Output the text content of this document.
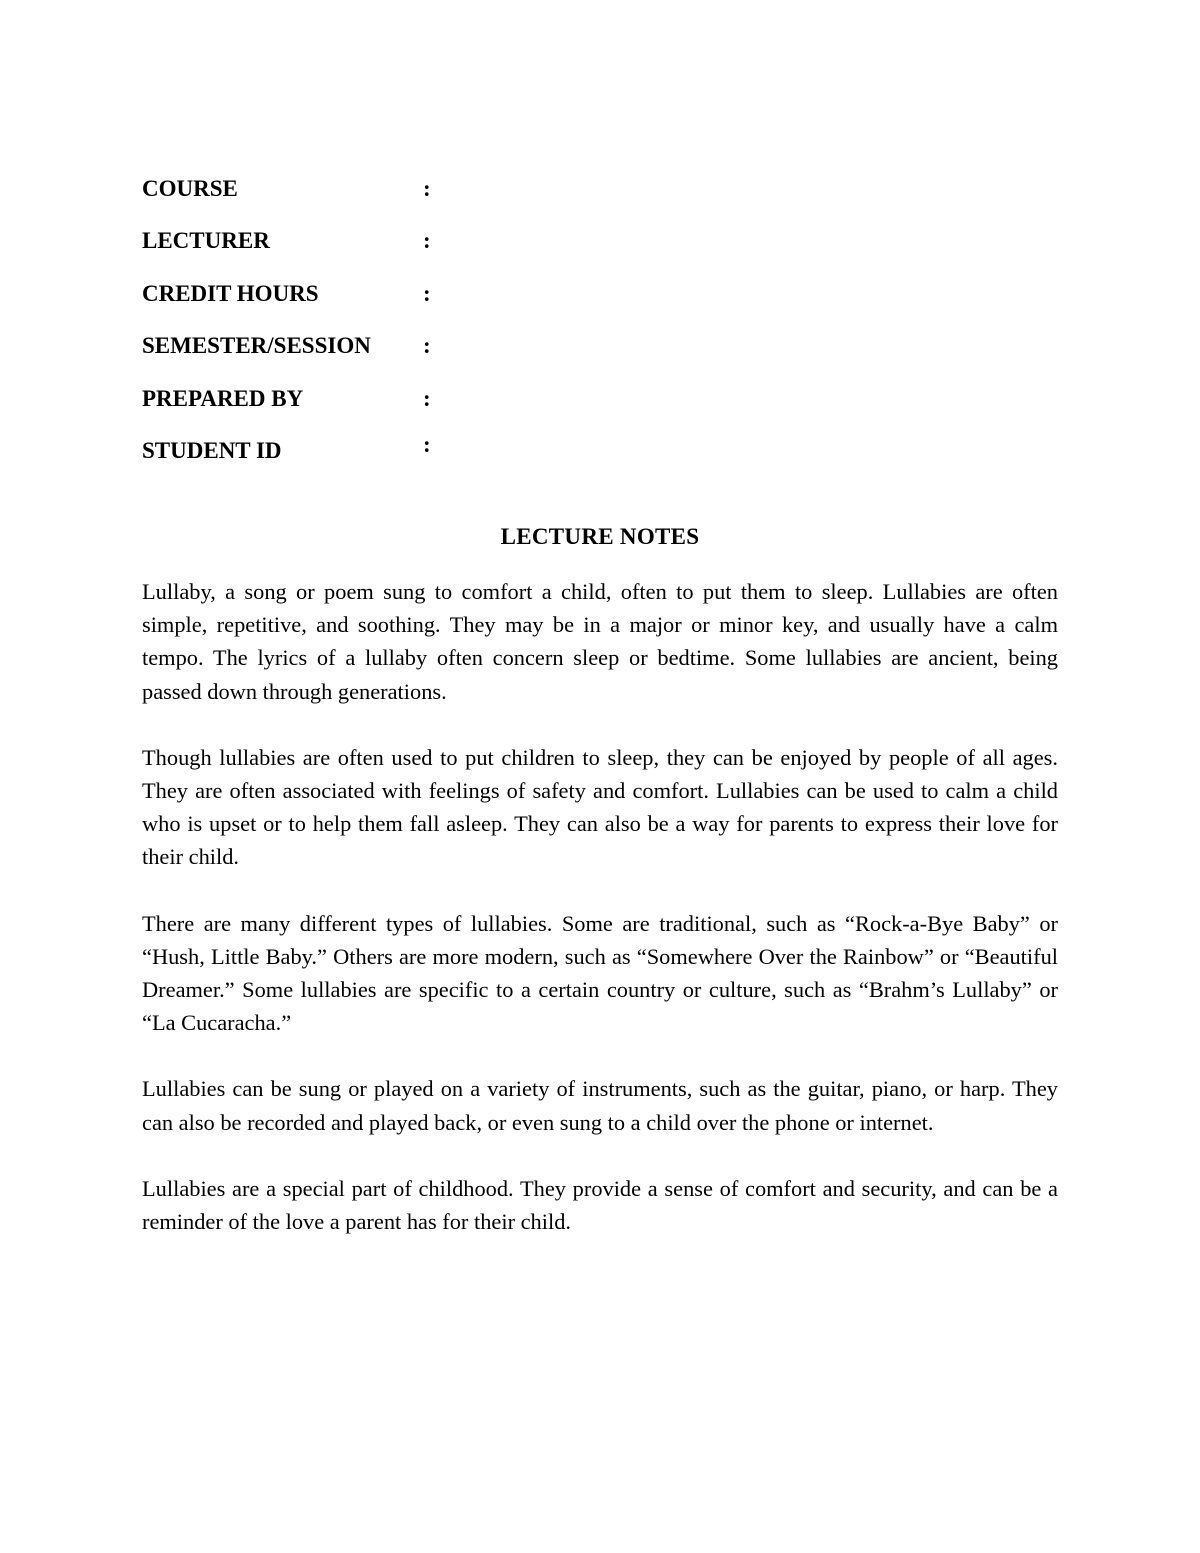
COURSE	:
LECTURER	:
CREDIT HOURS	:
SEMESTER/SESSION :
PREPARED BY	:
STUDENT ID	:
LECTURE NOTES

Lullaby, a song or poem sung to comfort a child, often to put them to sleep. Lullabies are often simple, repetitive, and soothing. They may be in a major or minor key, and usually have a calm tempo. The lyrics of a lullaby often concern sleep or bedtime. Some lullabies are ancient, being passed down through generations.

Though lullabies are often used to put children to sleep, they can be enjoyed by people of all ages. They are often associated with feelings of safety and comfort. Lullabies can be used to calm a child who is upset or to help them fall asleep. They can also be a way for parents to express their love for their child.

There are many different types of lullabies. Some are traditional, such as “Rock-a-Bye Baby” or “Hush, Little Baby.” Others are more modern, such as “Somewhere Over the Rainbow” or “Beautiful Dreamer.” Some lullabies are specific to a certain country or culture, such as “Brahm’s Lullaby” or “La Cucaracha.”

Lullabies can be sung or played on a variety of instruments, such as the guitar, piano, or harp. They can also be recorded and played back, or even sung to a child over the phone or internet.

Lullabies are a special part of childhood. They provide a sense of comfort and security, and can be a reminder of the love a parent has for their child.
